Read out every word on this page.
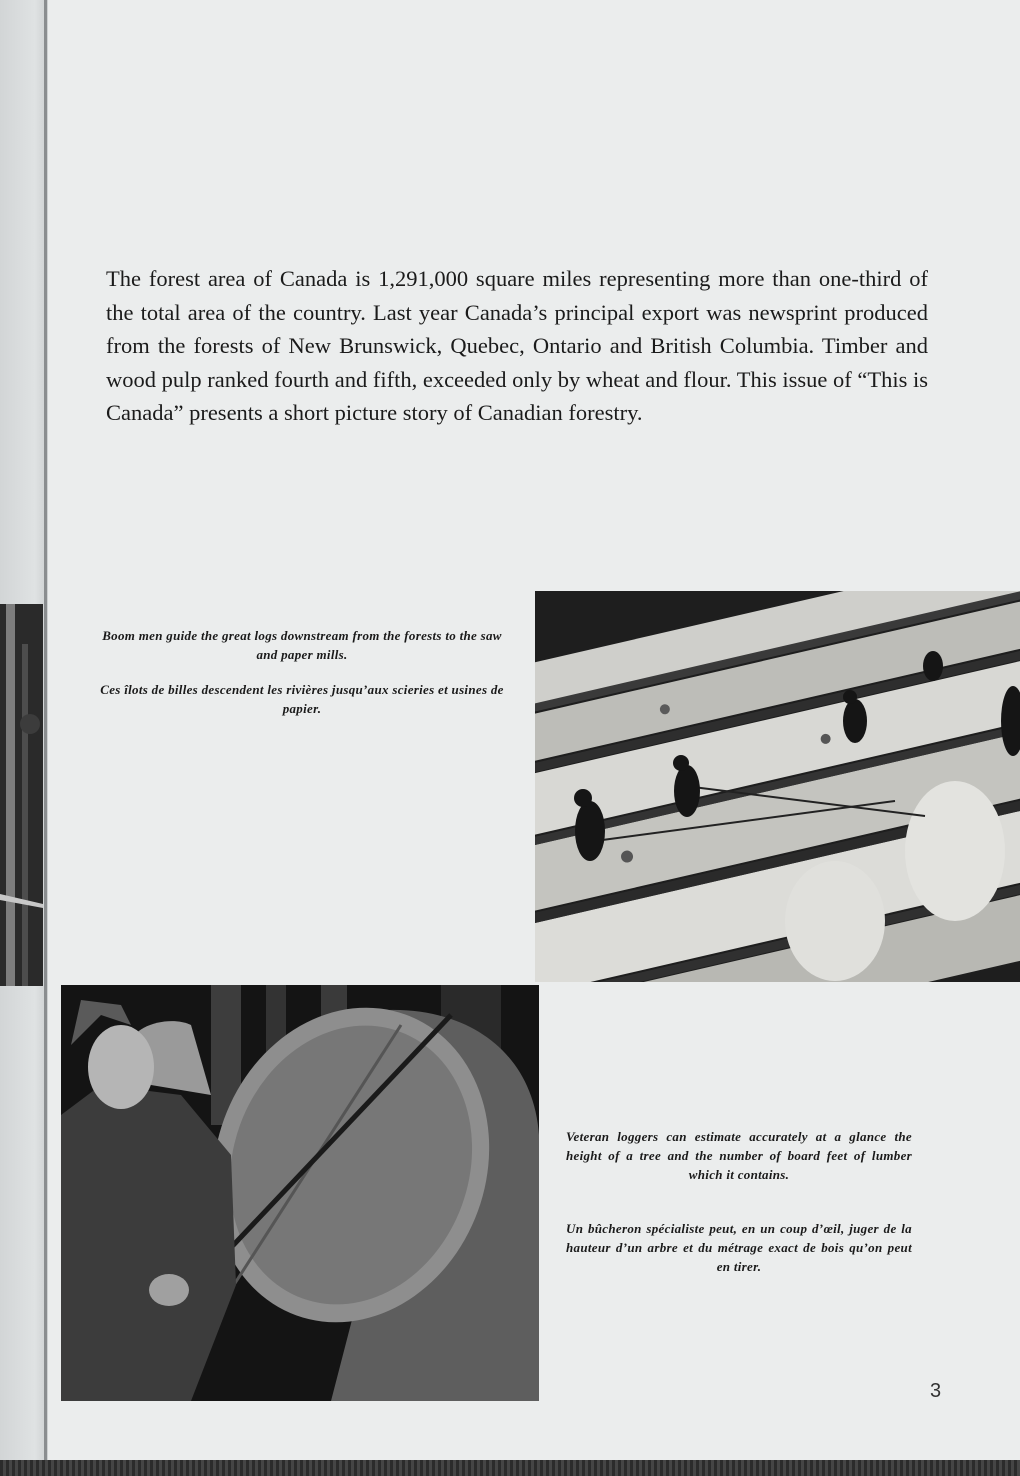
The forest area of Canada is 1,291,000 square miles representing more than one-third of the total area of the country. Last year Canada’s principal export was newsprint produced from the forests of New Brunswick, Quebec, Ontario and British Columbia. Timber and wood pulp ranked fourth and fifth, exceeded only by wheat and flour. This issue of “This is Canada” presents a short picture story of Canadian forestry.

Boom men guide the great logs downstream from the forests to the saw and paper mills.

Ces îlots de billes descendent les rivières jusqu’aux scieries et usines de papier.

Veteran loggers can estimate accurately at a glance the height of a tree and the number of board feet of lumber which it contains.

Un bûcheron spécialiste peut, en un coup d’œil, juger de la hauteur d’un arbre et du métrage exact de bois qu’on peut en tirer.

3
